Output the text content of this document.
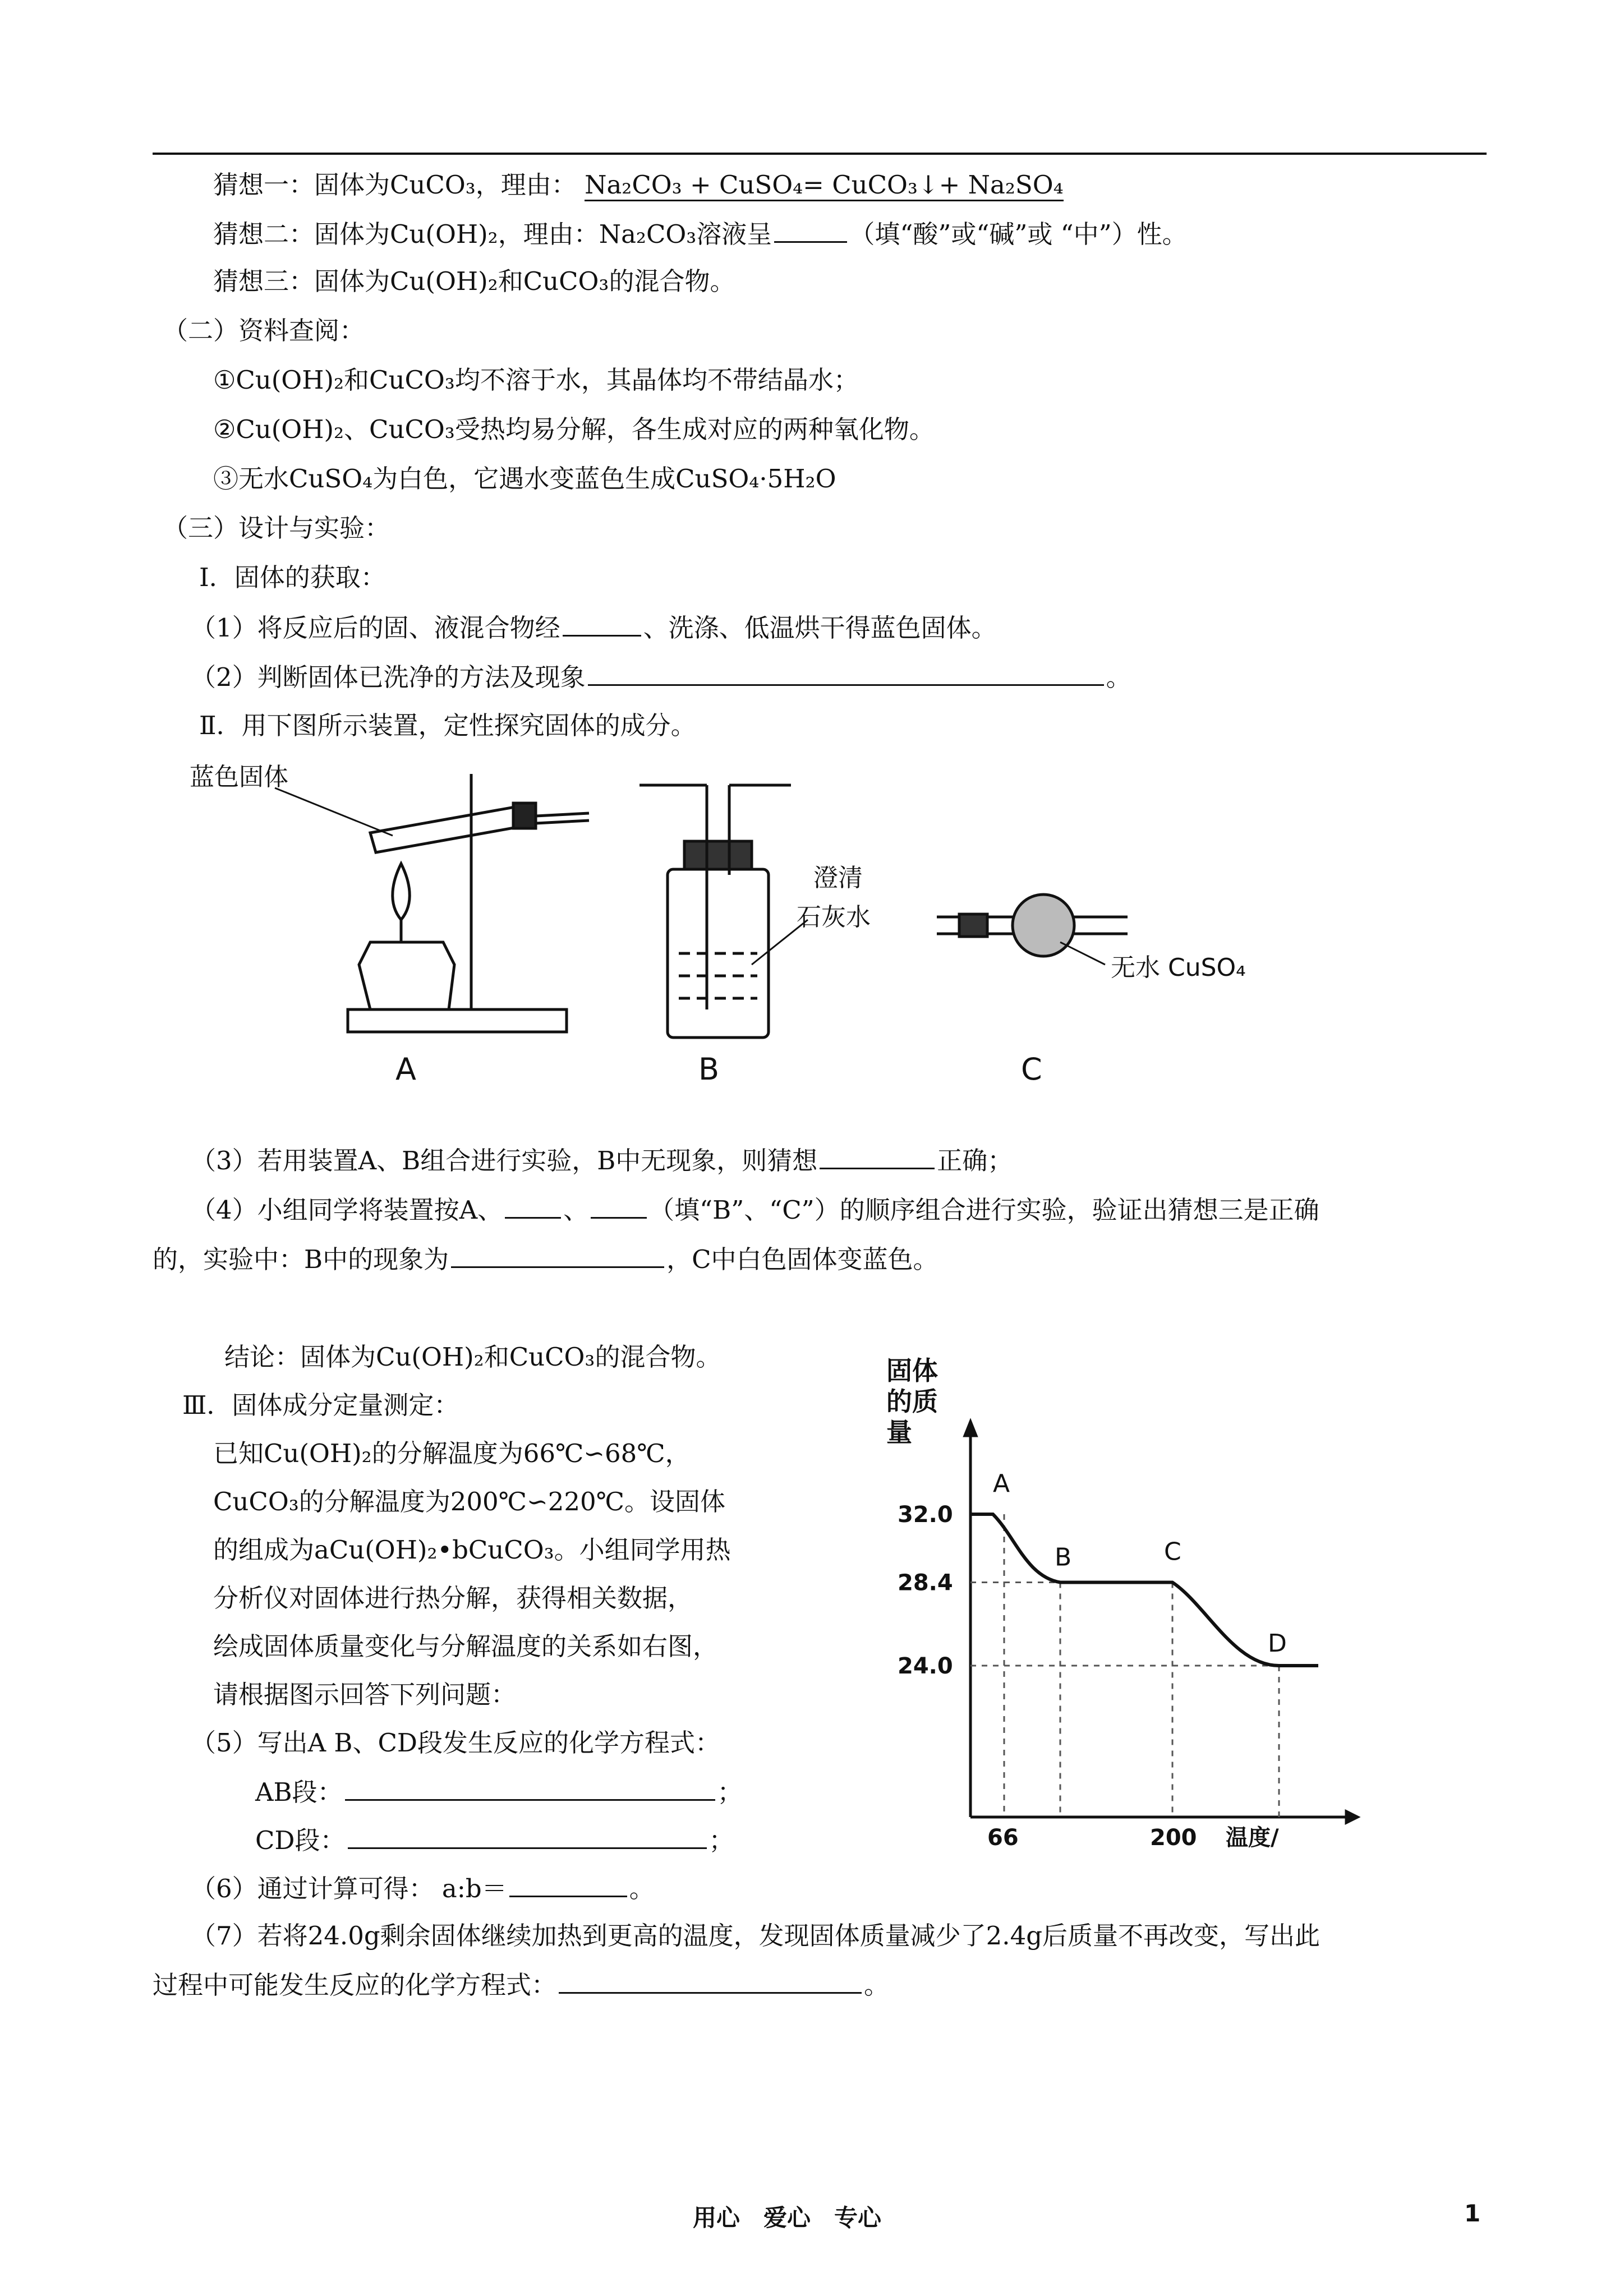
猜想一：固体为CuCO₃，理由： Na₂CO₃ + CuSO₄= CuCO₃↓+ Na₂SO₄
猜想二：固体为Cu(OH)₂，理由：Na₂CO₃溶液呈	（填“酸”或“碱”或 “中”）性。
猜想三：固体为Cu(OH)₂和CuCO₃的混合物。
（二）资料查阅：
①Cu(OH)₂和CuCO₃均不溶于水，其晶体均不带结晶水；
②Cu(OH)₂、CuCO₃受热均易分解，各生成对应的两种氧化物。
③无水CuSO₄为白色，它遇水变蓝色生成CuSO₄·5H₂O
（三）设计与实验：
Ⅰ．固体的获取：
（1）将反应后的固、液混合物经	、洗涤、低温烘干得蓝色固体。
（2）判断固体已洗净的方法及现象	。
Ⅱ．用下图所示装置，定性探究固体的成分。
蓝色固体
澄清
石灰水
无水 CuSO₄
A	B	C
（3）若用装置A、B组合进行实验，B中无现象，则猜想	正确；
（4）小组同学将装置按A、 、 （填“B”、“C”）的顺序组合进行实验，验证出猜想三是正确
的，实验中：B中的现象为	，C中白色固体变蓝色。
结论：固体为Cu(OH)₂和CuCO₃的混合物。
Ⅲ．固体成分定量测定：
已知Cu(OH)₂的分解温度为66℃∽68℃，
CuCO₃的分解温度为200℃∽220℃。设固体
的组成为aCu(OH)₂•bCuCO₃。小组同学用热
分析仪对固体进行热分解，获得相关数据，
绘成固体质量变化与分解温度的关系如右图，
请根据图示回答下列问题：
（5）写出A B、CD段发生反应的化学方程式：
AB段：	；
CD段：	；
（6）通过计算可得： a:b＝	。
（7）若将24.0g剩余固体继续加热到更高的温度，发现固体质量减少了2.4g后质量不再改变，写出此
过程中可能发生反应的化学方程式：	。
A
B	C
D
32.0
28.4
24.0
66	200
固体的质量
温度/
用心　爱心　专心	1
